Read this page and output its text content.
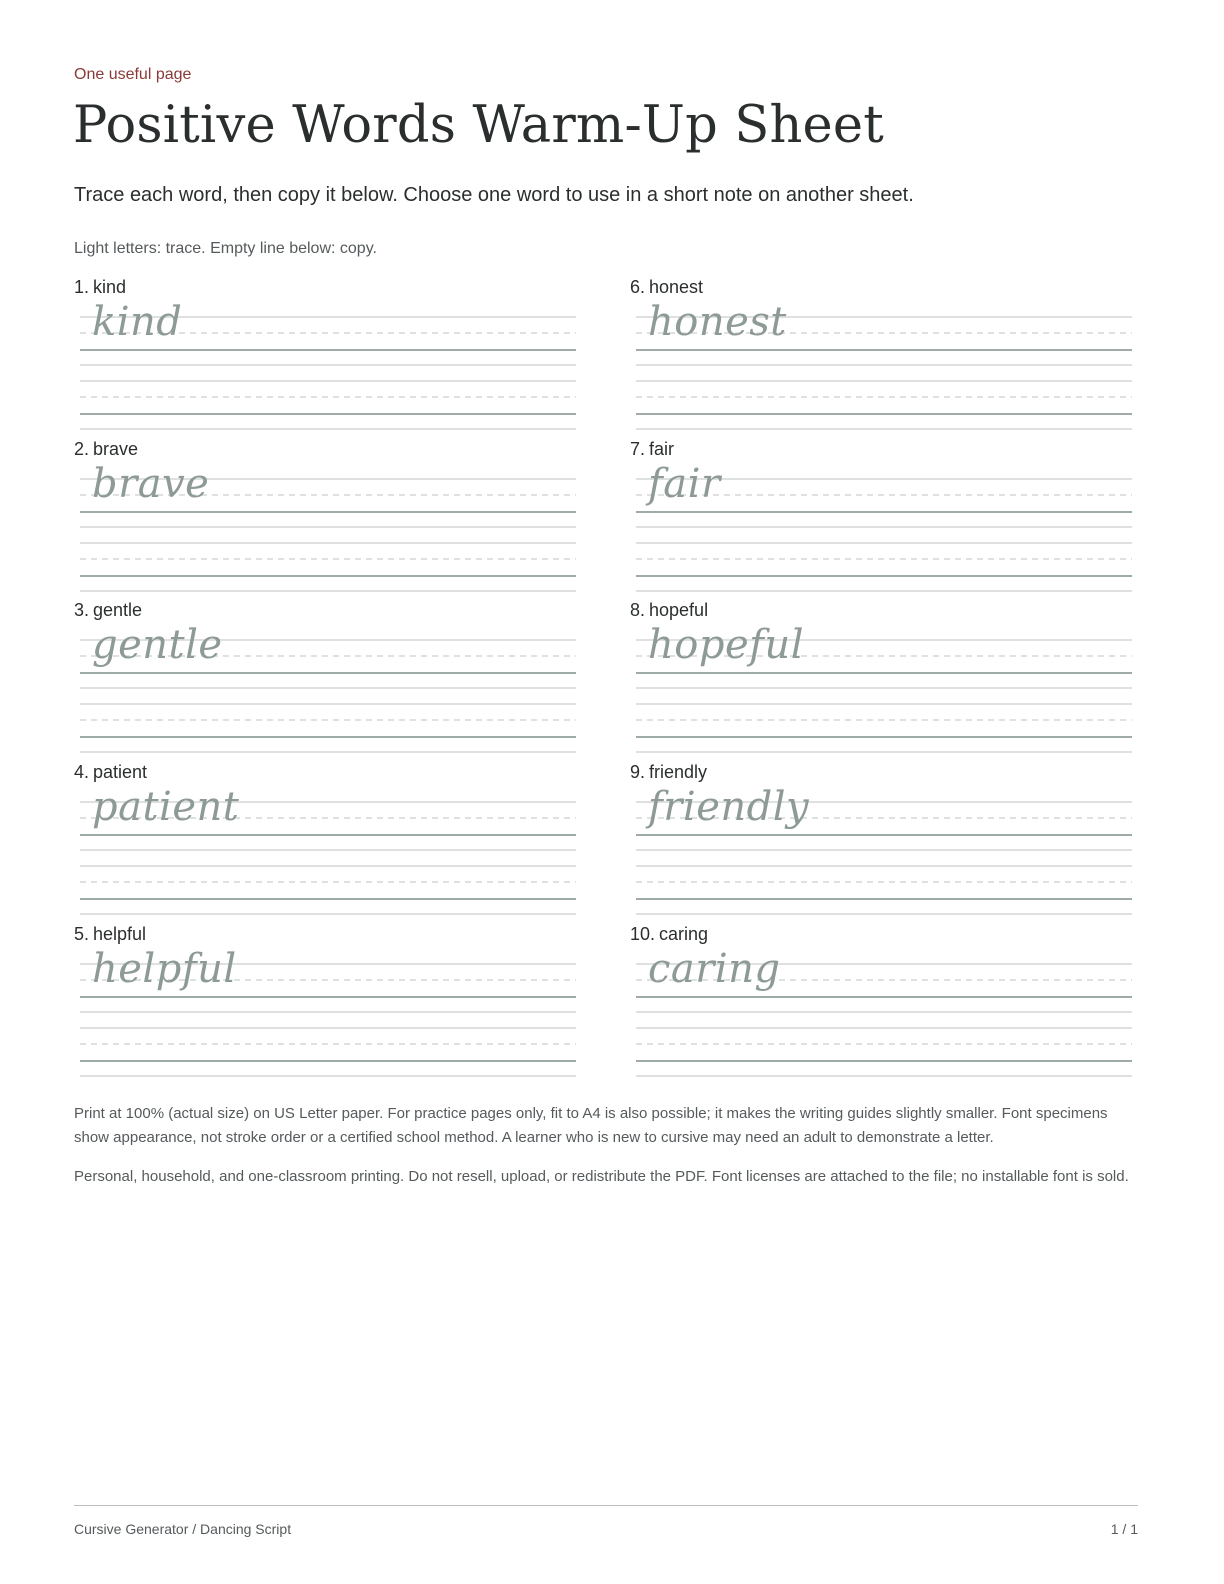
One useful page
Positive Words Warm-Up Sheet
Trace each word, then copy it below. Choose one word to use in a short note on another sheet.
Light letters: trace. Empty line below: copy.
1. kind
kind
2. brave
brave
3. gentle
gentle
4. patient
patient
5. helpful
helpful
6. honest
honest
7. fair
fair
8. hopeful
hopeful
9. friendly
friendly
10. caring
caring

Print at 100% (actual size) on US Letter paper. For practice pages only, fit to A4 is also possible; it makes the writing guides slightly smaller. Font specimens show appearance, not stroke order or a certified school method. A learner who is new to cursive may need an adult to demonstrate a letter.

Personal, household, and one-classroom printing. Do not resell, upload, or redistribute the PDF. Font licenses are attached to the file; no installable font is sold.

Cursive Generator / Dancing Script	1 / 1
